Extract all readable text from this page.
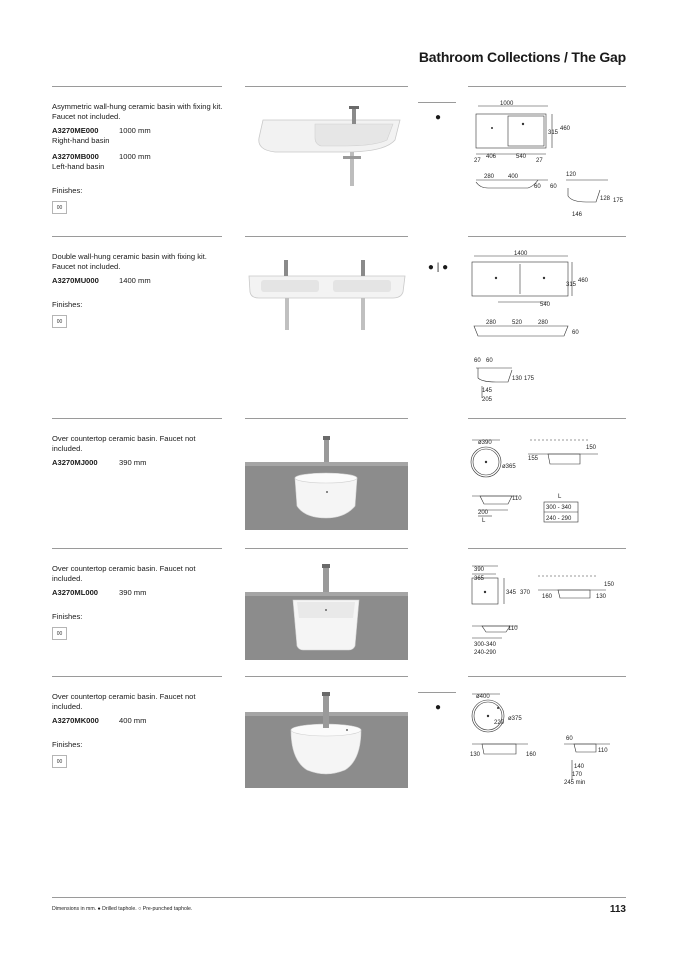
Bathroom Collections / The Gap
Asymmetric wall-hung ceramic basin with fixing kit. Faucet not included.
A3270ME000	1000 mm
Right-hand basin
A3270MB000	1000 mm
Left-hand basin
Finishes:
00
●
1000
315
460
27
406	540
27
280 400
60 60
120
128 175
146
Double wall-hung ceramic basin with fixing kit. Faucet not included.
A3270MU000	1400 mm
Finishes:
00
● | ●
1400
315
460
540
280	520	280
60
60 60
130 175
145
205
Over countertop ceramic basin. Faucet not included.
A3270MJ000	390 mm
ø390
ø365
150
155
110
200
L
L
300 - 340
240 - 290
Over countertop ceramic basin. Faucet not included.
A3270ML000	390 mm
Finishes:
00
390
365
345 370
150
160	130
110
300-340
240-290
Over countertop ceramic basin. Faucet not included.
A3270MK000	400 mm
Finishes:
00
●
ø400
220
ø375
130	160
60
110
140
170
245 min
Dimensions in mm. ● Drilled taphole. ○ Pre-punched taphole.	113
